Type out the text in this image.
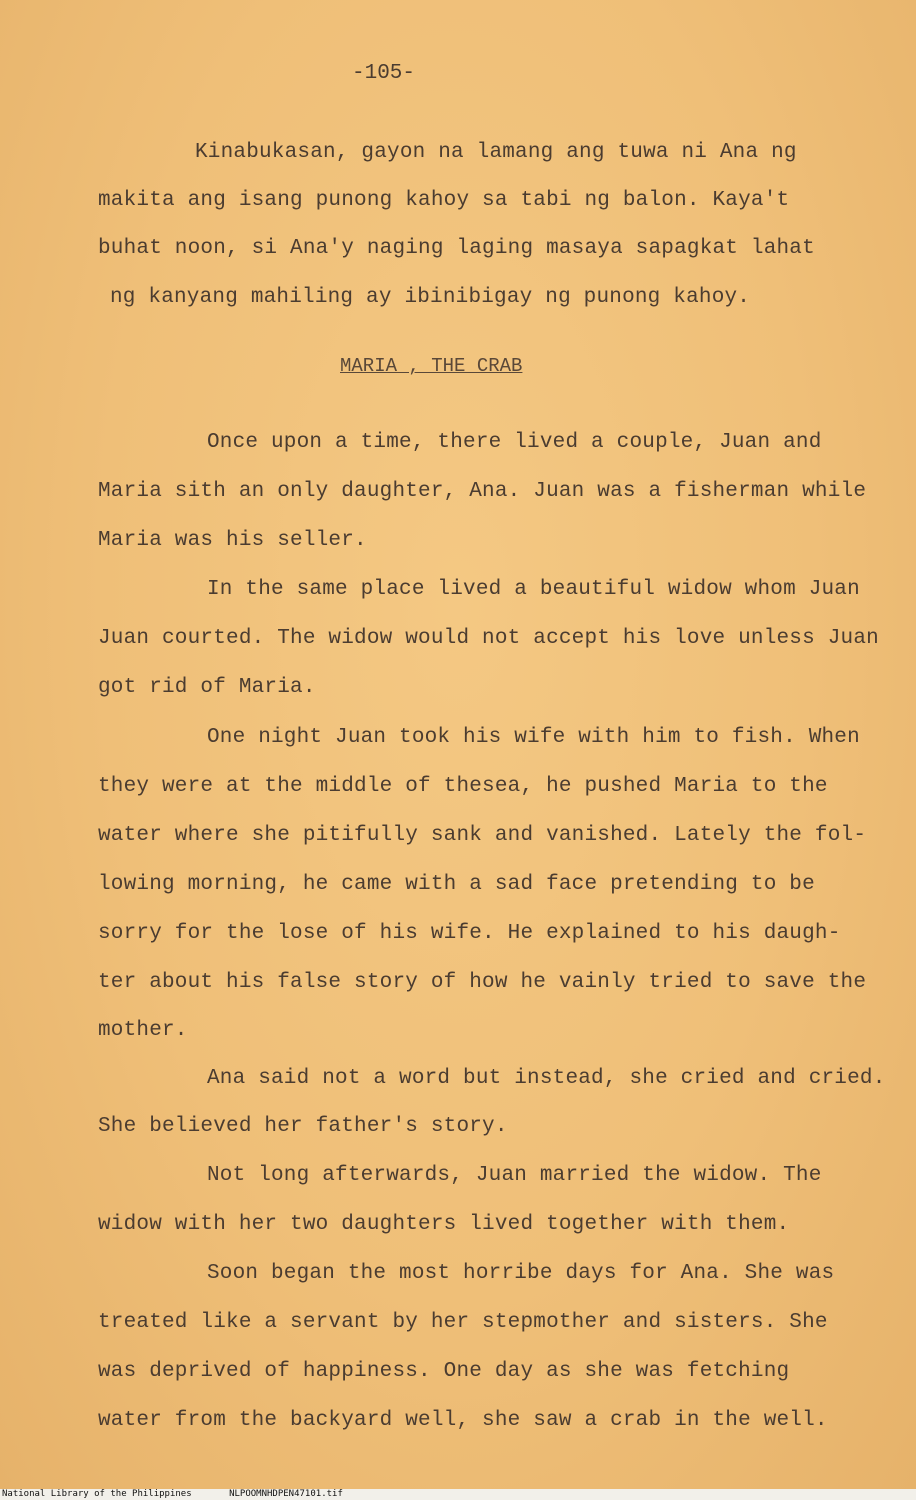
-105-
Kinabukasan, gayon na lamang ang tuwa ni Ana ng
makita ang isang punong kahoy sa tabi ng balon. Kaya't
buhat noon, si Ana'y naging laging masaya sapagkat lahat
ng kanyang mahiling ay ibinibigay ng punong kahoy.
MARIA , THE CRAB
Once upon a time, there lived a couple, Juan and
Maria sith an only daughter, Ana. Juan was a fisherman while
Maria was his seller.
In the same place lived a beautiful widow whom Juan
Juan courted. The widow would not accept his love unless Juan
got rid of Maria.
One night Juan took his wife with him to fish. When
they were at the middle of thesea, he pushed Maria to the
water where she pitifully sank and vanished. Lately the fol-
lowing morning, he came with a sad face pretending to be
sorry for the lose of his wife. He explained to his daugh-
ter about his false story of how he vainly tried to save the
mother.
Ana said not a word but instead, she cried and cried.
She believed her father's story.
Not long afterwards, Juan married the widow. The
widow with her two daughters lived together with them.
Soon began the most horribe days for Ana. She was
treated like a servant by her stepmother and sisters. She
was deprived of happiness. One day as she was fetching
water from the backyard well, she saw a crab in the well.
National Library of the Philippines	NLPOOMNHDPEN47101.tif
